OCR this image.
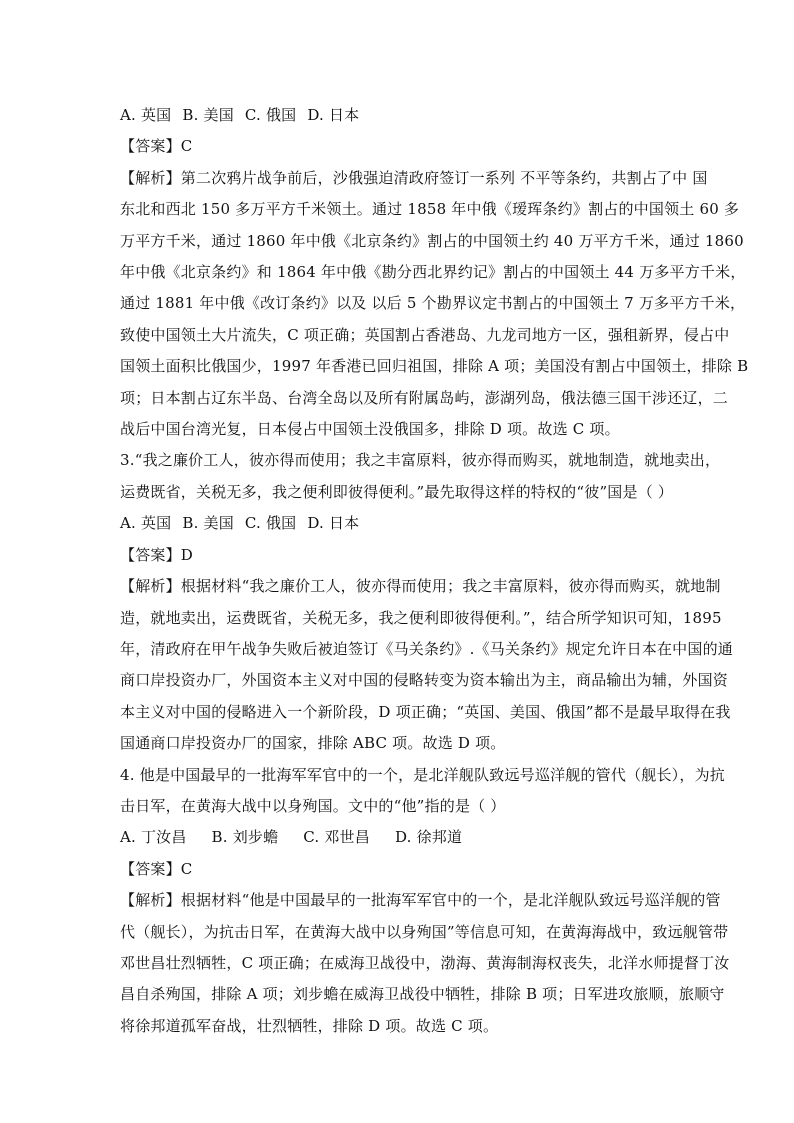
A. 英国 B. 美国 C. 俄国 D. 日本
【答案】C
【解析】第二次鸦片战争前后，沙俄强迫清政府签订一系列 不平等条约，共割占了中 国
东北和西北 150 多万平方千米领土。通过 1858 年中俄《瑷珲条约》割占的中国领土 60 多
万平方千米，通过 1860 年中俄《北京条约》割占的中国领土约 40 万平方千米，通过 1860
年中俄《北京条约》和 1864 年中俄《勘分西北界约记》割占的中国领土 44 万多平方千米，
通过 1881 年中俄《改订条约》以及 以后 5 个勘界议定书割占的中国领土 7 万多平方千米，
致使中国领土大片流失，C 项正确；英国割占香港岛、九龙司地方一区，强租新界，侵占中
国领土面积比俄国少，1997 年香港已回归祖国，排除 A 项；美国没有割占中国领土，排除 B
项；日本割占辽东半岛、台湾全岛以及所有附属岛屿，澎湖列岛，俄法德三国干涉还辽，二
战后中国台湾光复，日本侵占中国领土没俄国多，排除 D 项。故选 C 项。
3.“我之廉价工人，彼亦得而使用；我之丰富原料，彼亦得而购买，就地制造，就地卖出，
运费既省，关税无多，我之便利即彼得便利。”最先取得这样的特权的“彼”国是（ ）
A. 英国 B. 美国 C. 俄国 D. 日本
【答案】D
【解析】根据材料“我之廉价工人，彼亦得而使用；我之丰富原料，彼亦得而购买，就地制
造，就地卖出，运费既省，关税无多，我之便利即彼得便利。”，结合所学知识可知，1895
年，清政府在甲午战争失败后被迫签订《马关条约》.《马关条约》规定允许日本在中国的通
商口岸投资办厂，外国资本主义对中国的侵略转变为资本输出为主，商品输出为辅，外国资
本主义对中国的侵略进入一个新阶段，D 项正确；“英国、美国、俄国”都不是最早取得在我
国通商口岸投资办厂的国家，排除 ABC 项。故选 D 项。
4. 他是中国最早的一批海军军官中的一个，是北洋舰队致远号巡洋舰的管代（舰长），为抗
击日军，在黄海大战中以身殉国。文中的“他”指的是（ ）
A. 丁汝昌 B. 刘步蟾 C. 邓世昌 D. 徐邦道
【答案】C
【解析】根据材料“他是中国最早的一批海军军官中的一个，是北洋舰队致远号巡洋舰的管
代（舰长），为抗击日军，在黄海大战中以身殉国”等信息可知，在黄海海战中，致远舰管带
邓世昌壮烈牺牲，C 项正确；在威海卫战役中，渤海、黄海制海权丧失，北洋水师提督丁汝
昌自杀殉国，排除 A 项；刘步蟾在威海卫战役中牺牲，排除 B 项；日军进攻旅顺，旅顺守
将徐邦道孤军奋战，壮烈牺牲，排除 D 项。故选 C 项。
